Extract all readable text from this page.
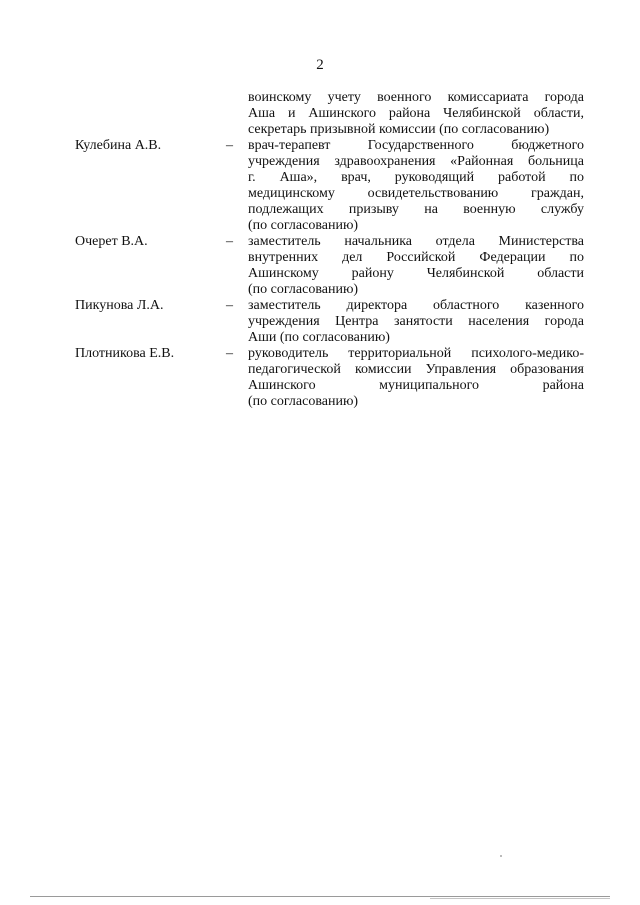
2
воинскому учету военного комиссариата города
Аша и Ашинского района Челябинской области,
секретарь призывной комиссии (по согласованию)
Кулебина А.В.	– врач-терапевт Государственного бюджетного
учреждения здравоохранения «Районная больница
г. Аша», врач, руководящий работой по
медицинскому освидетельствованию граждан,
подлежащих призыву на военную службу
(по согласованию)
Очерет В.А.	– заместитель начальника отдела Министерства
внутренних дел Российской Федерации по
Ашинскому району Челябинской области
(по согласованию)
Пикунова Л.А.	– заместитель директора областного казенного
учреждения Центра занятости населения города
Аши (по согласованию)
Плотникова Е.В.	– руководитель территориальной психолого-медико-
педагогической комиссии Управления образования
Ашинского муниципального района
(по согласованию)
